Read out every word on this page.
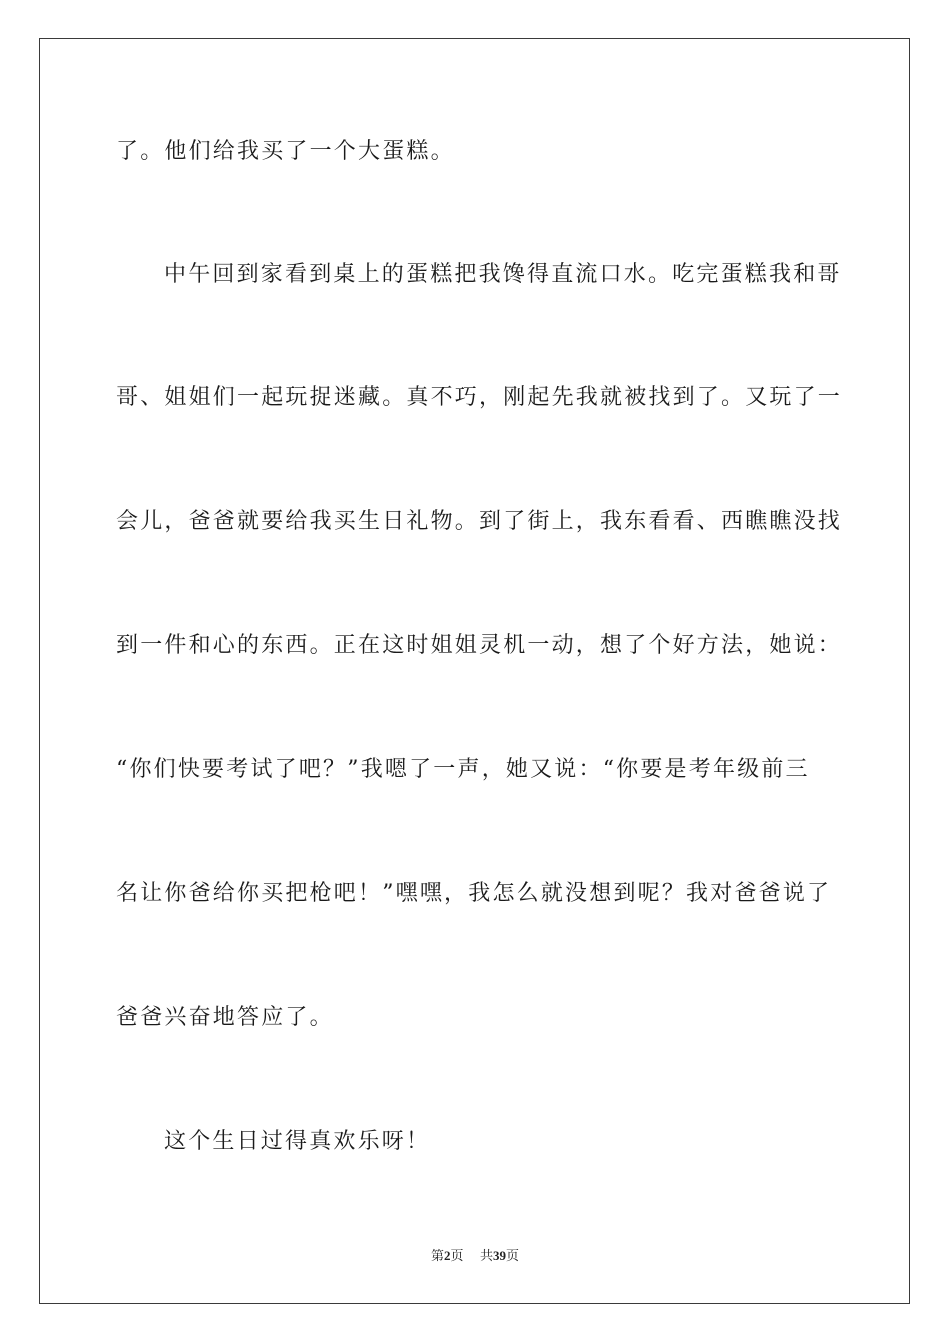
了。他们给我买了一个大蛋糕。
中午回到家看到桌上的蛋糕把我馋得直流口水。吃完蛋糕我和哥
哥、姐姐们一起玩捉迷藏。真不巧，刚起先我就被找到了。又玩了一
会儿，爸爸就要给我买生日礼物。到了街上，我东看看、西瞧瞧没找
到一件和心的东西。正在这时姐姐灵机一动，想了个好方法，她说：
“你们快要考试了吧？”我嗯了一声，她又说：“你要是考年级前三
名让你爸给你买把枪吧！”嘿嘿，我怎么就没想到呢？我对爸爸说了
爸爸兴奋地答应了。
这个生日过得真欢乐呀！
第2页 共39页
